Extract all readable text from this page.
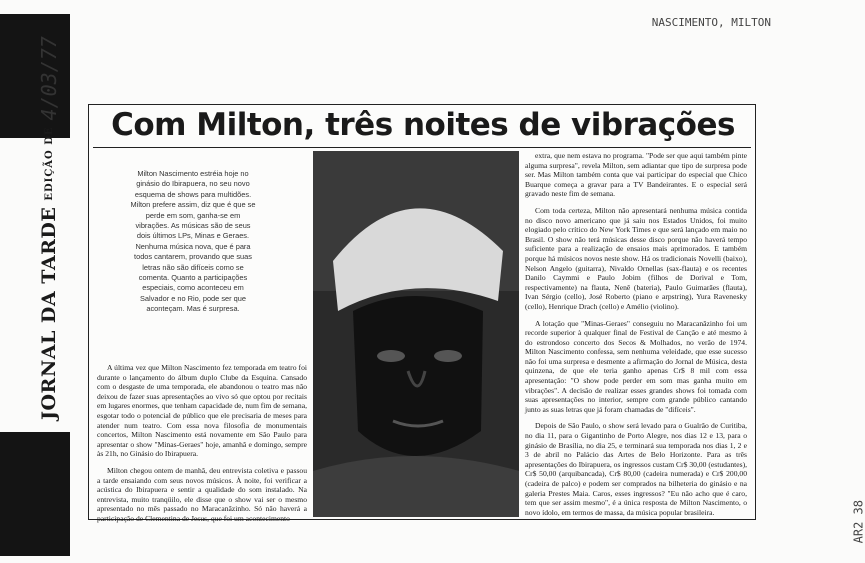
JORNAL DA TARDE
EDIÇÃO DE
4/03/77
NASCIMENTO, MILTON
AR2_38
Com Milton, três noites de vibrações
Milton Nascimento estréia hoje no ginásio do Ibirapuera, no seu novo esquema de shows para multidões. Milton prefere assim, diz que é que se perde em som, ganha-se em vibrações. As músicas são de seus dois últimos LPs, Minas e Geraes. Nenhuma música nova, que é para todos cantarem, provando que suas letras não são difíceis como se comenta. Quanto a participações especiais, como aconteceu em Salvador e no Rio, pode ser que aconteçam. Mas é surpresa.

A última vez que Milton Nascimento fez temporada em teatro foi durante o lançamento do álbum duplo Clube da Esquina. Cansado com o desgaste de uma temporada, ele abandonou o teatro mas não deixou de fazer suas apresentações ao vivo só que optou por recitais em lugares enormes, que tenham capacidade de, num fim de semana, esgotar todo o potencial de público que ele precisaria de meses para atender num teatro. Com essa nova filosofia de monumentais concertos, Milton Nascimento está novamente em São Paulo para apresentar o show "Minas-Geraes" hoje, amanhã e domingo, sempre às 21h, no Ginásio do Ibirapuera.

Milton chegou ontem de manhã, deu entrevista coletiva e passou a tarde ensaiando com seus novos músicos. À noite, foi verificar a acústica do Ibirapuera e sentir a qualidade do som instalado. Na entrevista, muito tranqüilo, ele disse que o show vai ser o mesmo apresentado no mês passado no Maracanãzinho. Só não haverá a participação de Clementina de Jesus, que foi um acontecimento

extra, que nem estava no programa. "Pode ser que aqui também pinte alguma surpresa", revela Milton, sem adiantar que tipo de surpresa pode ser. Mas Milton também conta que vai participar do especial que Chico Buarque começa a gravar para a TV Bandeirantes. E o especial será gravado neste fim de semana.

Com toda certeza, Milton não apresentará nenhuma música contida no disco novo americano que já saiu nos Estados Unidos, foi muito elogiado pelo crítico do New York Times e que será lançado em maio no Brasil. O show não terá músicas desse disco porque não haverá tempo suficiente para a realização de ensaios mais aprimorados. E também porque há músicos novos neste show. Há os tradicionais Novelli (baixo), Nelson Angelo (guitarra), Nivaldo Ornellas (sax-flauta) e os recentes Danilo Caymmi e Paulo Jobim (filhos de Dorival e Tom, respectivamente) na flauta, Nenê (bateria), Paulo Guimarães (flauta), Ivan Sérgio (cello), José Roberto (piano e arpstring), Yura Ravenesky (cello), Henrique Drach (cello) e Amélio (violino).

A lotação que "Minas-Geraes" conseguiu no Maracanãzinho foi um recorde superior à qualquer final de Festival de Canção e até mesmo à do estrondoso concerto dos Secos & Molhados, no verão de 1974. Milton Nascimento confessa, sem nenhuma veleidade, que esse sucesso não foi uma surpresa e desmente a afirmação do Jornal de Música, desta quinzena, de que ele teria ganho apenas Cr$ 8 mil com essa apresentação: "O show pode perder em som mas ganha muito em vibrações". A decisão de realizar esses grandes shows foi tomada com suas apresentações no interior, sempre com grande público cantando junto as suas letras que já foram chamadas de "difíceis".

Depois de São Paulo, o show será levado para o Gualrão de Curitiba, no dia 11, para o Gigantinho de Porto Alegre, nos dias 12 e 13, para o ginásio de Brasília, no dia 25, e terminará sua temporada nos dias 1, 2 e 3 de abril no Palácio das Artes de Belo Horizonte. Para as três apresentações do Ibirapuera, os ingressos custam Cr$ 30,00 (estudantes), Cr$ 50,00 (arquibancada), Cr$ 80,00 (cadeira numerada) e Cr$ 200,00 (cadeira de palco) e podem ser comprados na bilheteria do ginásio e na galeria Prestes Maia. Caros, esses ingressos? "Eu não acho que é caro, tem que ser assim mesmo", é a única resposta de Milton Nascimento, o novo ídolo, em termos de massa, da música popular brasileira.
